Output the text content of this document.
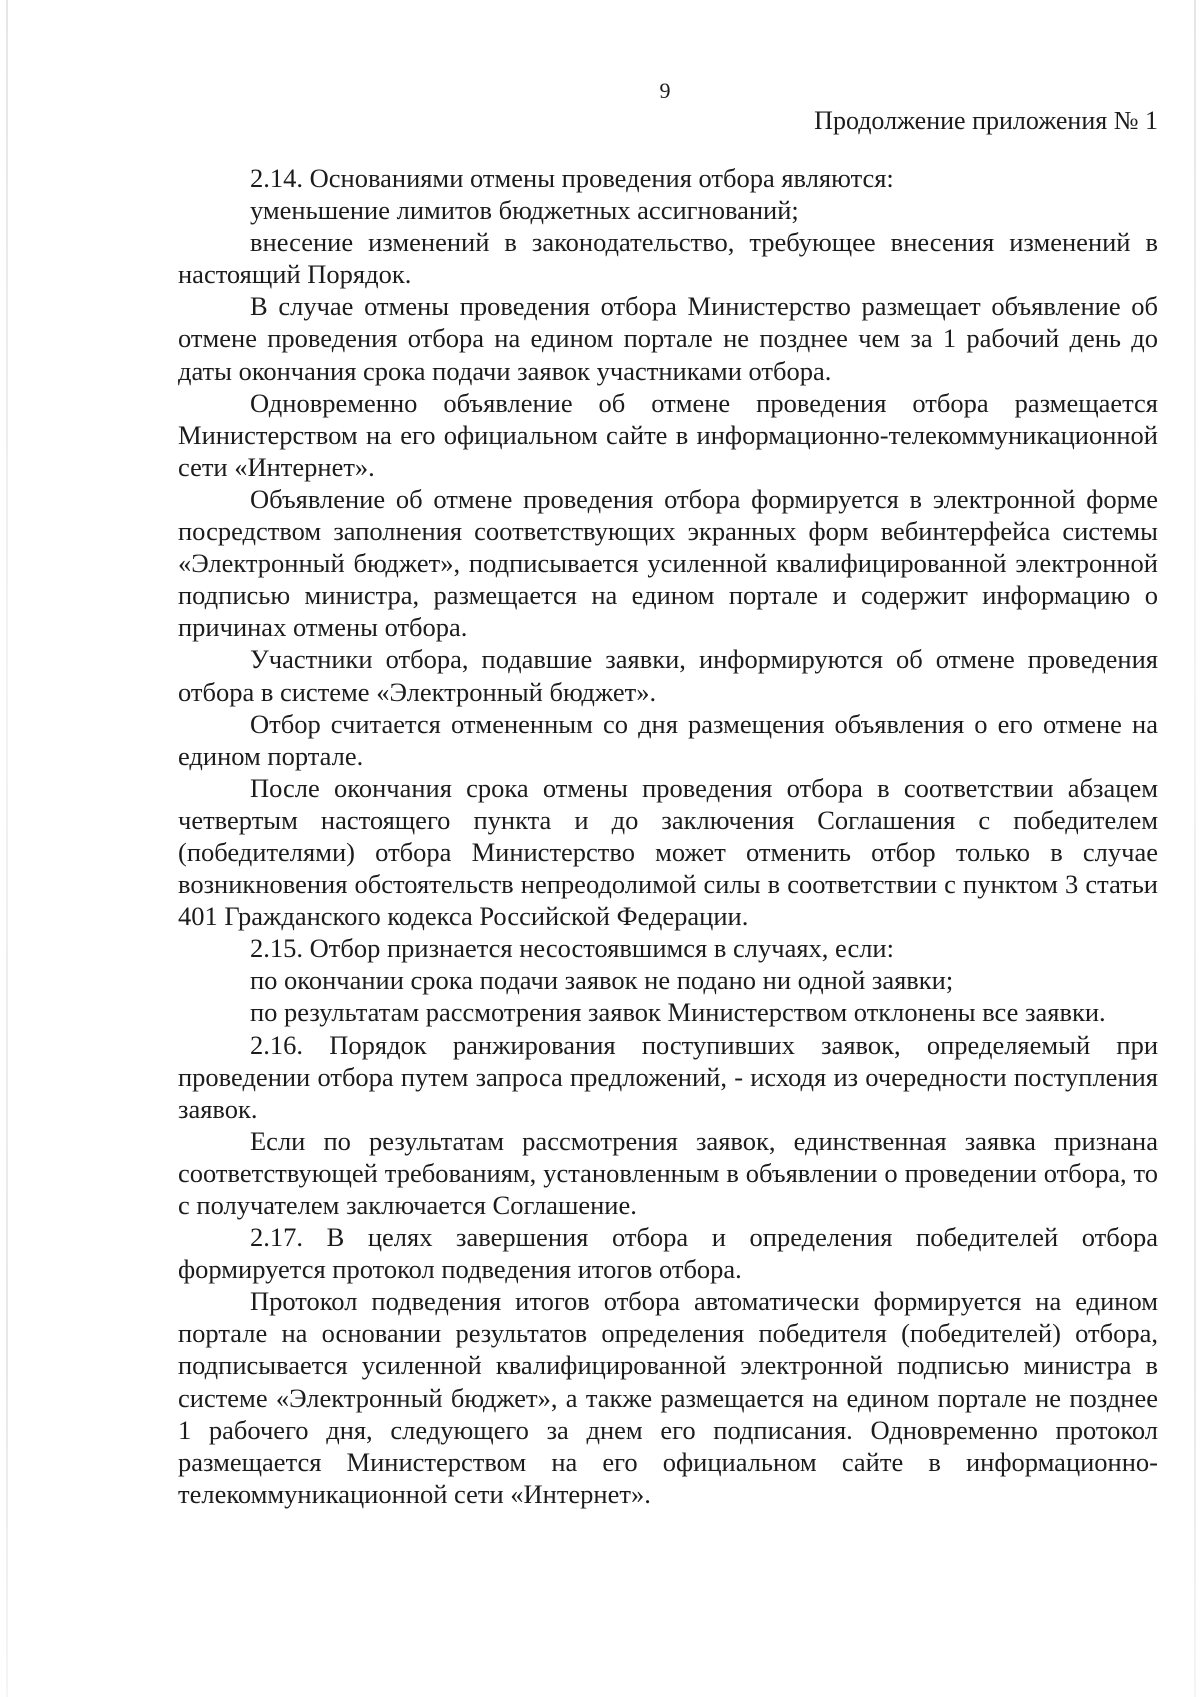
9
Продолжение приложения № 1

2.14. Основаниями отмены проведения отбора являются:

уменьшение лимитов бюджетных ассигнований;

внесение изменений в законодательство, требующее внесения изменений в настоящий Порядок.

В случае отмены проведения отбора Министерство размещает объявление об отмене проведения отбора на едином портале не позднее чем за 1 рабочий день до даты окончания срока подачи заявок участниками отбора.

Одновременно объявление об отмене проведения отбора размещается Министерством на его официальном сайте в информационно-телекоммуникационной сети «Интернет».

Объявление об отмене проведения отбора формируется в электронной форме посредством заполнения соответствующих экранных форм вебинтерфейса системы «Электронный бюджет», подписывается усиленной квалифицированной электронной подписью министра, размещается на едином портале и содержит информацию о причинах отмены отбора.

Участники отбора, подавшие заявки, информируются об отмене проведения отбора в системе «Электронный бюджет».

Отбор считается отмененным со дня размещения объявления о его отмене на едином портале.

После окончания срока отмены проведения отбора в соответствии абзацем четвертым настоящего пункта и до заключения Соглашения с победителем (победителями) отбора Министерство может отменить отбор только в случае возникновения обстоятельств непреодолимой силы в соответствии с пунктом 3 статьи 401 Гражданского кодекса Российской Федерации.

2.15. Отбор признается несостоявшимся в случаях, если:

по окончании срока подачи заявок не подано ни одной заявки;

по результатам рассмотрения заявок Министерством отклонены все заявки.

2.16. Порядок ранжирования поступивших заявок, определяемый при проведении отбора путем запроса предложений, - исходя из очередности поступления заявок.

Если по результатам рассмотрения заявок, единственная заявка признана соответствующей требованиям, установленным в объявлении о проведении отбора, то с получателем заключается Соглашение.

2.17. В целях завершения отбора и определения победителей отбора формируется протокол подведения итогов отбора.

Протокол подведения итогов отбора автоматически формируется на едином портале на основании результатов определения победителя (победителей) отбора, подписывается усиленной квалифицированной электронной подписью министра в системе «Электронный бюджет», а также размещается на едином портале не позднее 1 рабочего дня, следующего за днем его подписания. Одновременно протокол размещается Министерством на его официальном сайте в информационно-телекоммуникационной сети «Интернет».
